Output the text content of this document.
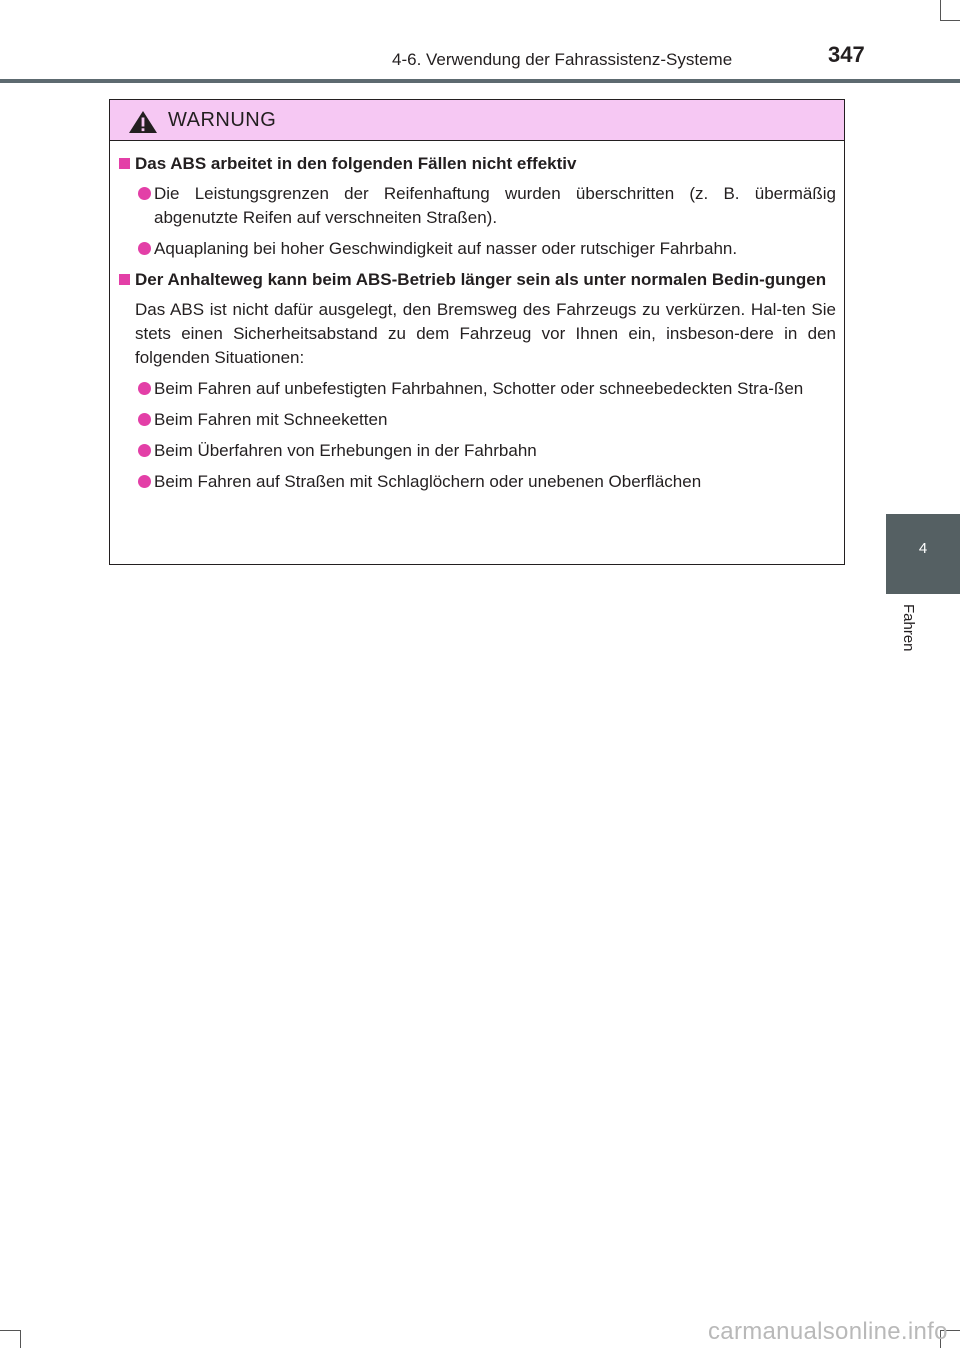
4-6. Verwendung der Fahrassistenz-Systeme	347
4
Fahren
WARNUNG
Das ABS arbeitet in den folgenden Fällen nicht effektiv
Die Leistungsgrenzen der Reifenhaftung wurden überschritten (z. B. übermäßig abgenutzte Reifen auf verschneiten Straßen).
Aquaplaning bei hoher Geschwindigkeit auf nasser oder rutschiger Fahrbahn.
Der Anhalteweg kann beim ABS-Betrieb länger sein als unter normalen Bedin-gungen
Das ABS ist nicht dafür ausgelegt, den Bremsweg des Fahrzeugs zu verkürzen. Hal-ten Sie stets einen Sicherheitsabstand zu dem Fahrzeug vor Ihnen ein, insbeson-dere in den folgenden Situationen:
Beim Fahren auf unbefestigten Fahrbahnen, Schotter oder schneebedeckten Stra-ßen
Beim Fahren mit Schneeketten
Beim Überfahren von Erhebungen in der Fahrbahn
Beim Fahren auf Straßen mit Schlaglöchern oder unebenen Oberflächen
carmanualsonline.info
